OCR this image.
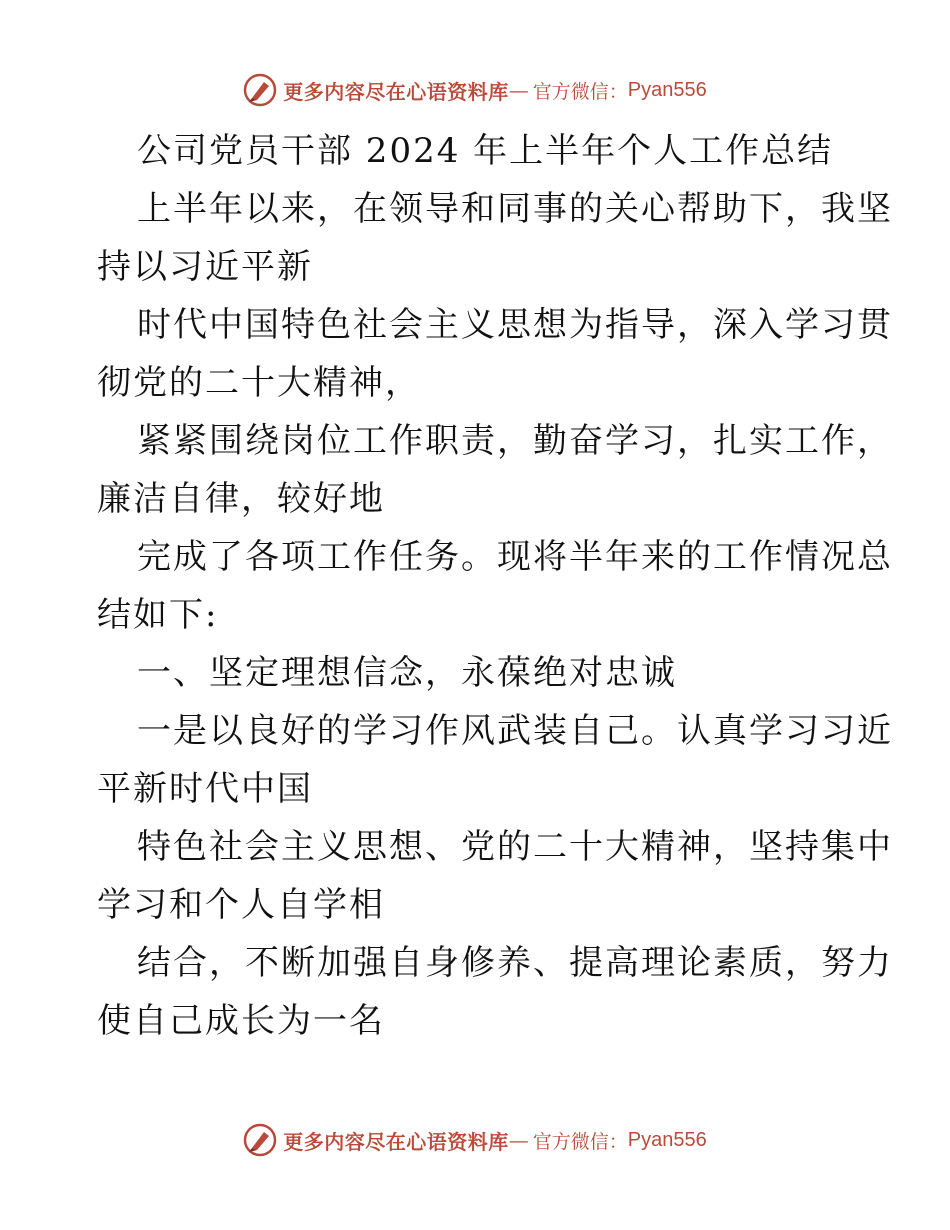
更多内容尽在心语资料库 — 官方微信： Pyan556
公司党员干部 2024 年上半年个人工作总结
上半年以来，在领导和同事的关心帮助下，我坚
持以习近平新
时代中国特色社会主义思想为指导，深入学习贯
彻党的二十大精神，
紧紧围绕岗位工作职责，勤奋学习，扎实工作，
廉洁自律，较好地
完成了各项工作任务。现将半年来的工作情况总
结如下:
一、坚定理想信念，永葆绝对忠诚
一是以良好的学习作风武装自己。认真学习习近
平新时代中国
特色社会主义思想、党的二十大精神，坚持集中
学习和个人自学相
结合，不断加强自身修养、提高理论素质，努力
使自己成长为一名
更多内容尽在心语资料库 — 官方微信： Pyan556
